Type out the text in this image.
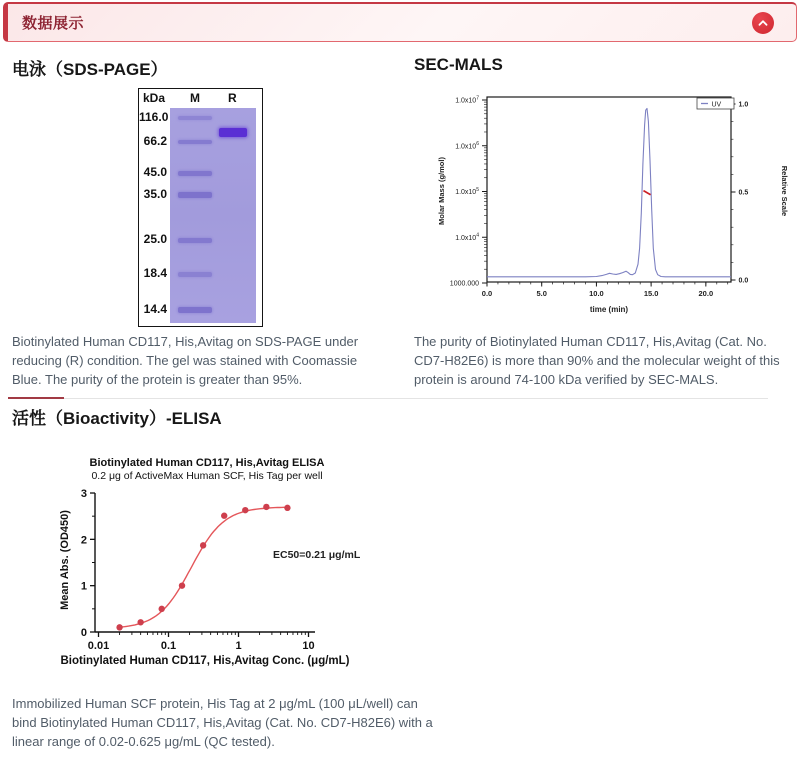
数据展示
电泳（SDS-PAGE）
kDa M R
116.0
66.2
45.0
35.0
25.0
18.4
14.4
Biotinylated Human CD117, His,Avitag on SDS-PAGE under reducing (R) condition. The gel was stained with Coomassie Blue. The purity of the protein is greater than 95%.
SEC-MALS
0.0	5.0	10.0	15.0	20.0
time (min)
$1.0x10^7$
$1.0x10^6$
$1.0x10^5$
$1.0x10^4$
1000.000
Molar Mass (g/mol)
0.0
0.5
1.0
Relative Scale
UV
The purity of Biotinylated Human CD117, His,Avitag (Cat. No. CD7-H82E6) is more than 90% and the molecular weight of this protein is around 74-100 kDa verified by SEC-MALS.
活性（Bioactivity）-ELISA
Biotinylated Human CD117, His,Avitag ELISA
0.2 μg of ActiveMax Human SCF, His Tag per well
0
1
2
3
Mean Abs. (OD450)
0.01	0.1	1	10
Biotinylated Human CD117, His,Avitag Conc. (μg/mL)
EC50=0.21 μg/mL
Immobilized Human SCF protein, His Tag at 2 μg/mL (100 μL/well) can bind Biotinylated Human CD117, His,Avitag (Cat. No. CD7-H82E6) with a linear range of 0.02-0.625 μg/mL (QC tested).
